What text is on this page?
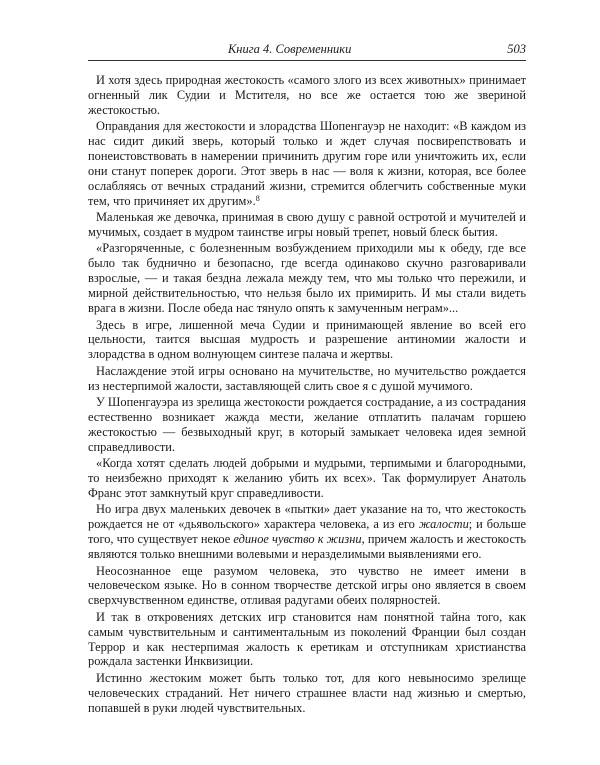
Книга 4. Современники	503

И хотя здесь природная жестокость «самого злого из всех животных» принимает огненный лик Судии и Мстителя, но все же остается тою же звериной жестокостью.

Оправдания для жестокости и злорадства Шопенгауэр не находит: «В каждом из нас сидит дикий зверь, который только и ждет случая посвирепствовать и понеистовствовать в намерении причинить другим горе или уничтожить их, если они станут поперек дороги. Этот зверь в нас — воля к жизни, которая, все более ослабляясь от вечных страданий жизни, стремится облегчить собственные муки тем, что причиняет их другим».$^8$

Маленькая же девочка, принимая в свою душу с равной остротой и мучителей и мучимых, создает в мудром таинстве игры новый трепет, новый блеск бытия.

«Разгоряченные, с болезненным возбуждением приходили мы к обеду, где все было так буднично и безопасно, где всегда одинаково скучно разговаривали взрослые, — и такая бездна лежала между тем, что мы только что пережили, и мирной действительностью, что нельзя было их примирить. И мы стали видеть врага в жизни. После обеда нас тянуло опять к замученным неграм»...

Здесь в игре, лишенной меча Судии и принимающей явление во всей его цельности, таится высшая мудрость и разрешение антиномии жалости и злорадства в одном волнующем синтезе палача и жертвы.

Наслаждение этой игры основано на мучительстве, но мучительство рождается из нестерпимой жалости, заставляющей слить свое я с душой мучимого.

У Шопенгауэра из зрелища жестокости рождается сострадание, а из сострадания естественно возникает жажда мести, желание отплатить палачам горшею жестокостью — безвыходный круг, в который замыкает человека идея земной справедливости.

«Когда хотят сделать людей добрыми и мудрыми, терпимыми и благородными, то неизбежно приходят к желанию убить их всех». Так формулирует Анатоль Франс этот замкнутый круг справедливости.

Но игра двух маленьких девочек в «пытки» дает указание на то, что жестокость рождается не от «дьявольского» характера человека, а из его жалости; и больше того, что существует некое единое чувство к жизни, причем жалость и жестокость являются только внешними волевыми и неразделимыми выявлениями его.

Неосознанное еще разумом человека, это чувство не имеет имени в человеческом языке. Но в сонном творчестве детской игры оно является в своем сверхчувственном единстве, отливая радугами обеих полярностей.

И так в откровениях детских игр становится нам понятной тайна того, как самым чувствительным и сантиментальным из поколений Франции был создан Террор и как нестерпимая жалость к еретикам и отступникам христианства рождала застенки Инквизиции.

Истинно жестоким может быть только тот, для кого невыносимо зрелище человеческих страданий. Нет ничего страшнее власти над жизнью и смертью, попавшей в руки людей чувствительных.
